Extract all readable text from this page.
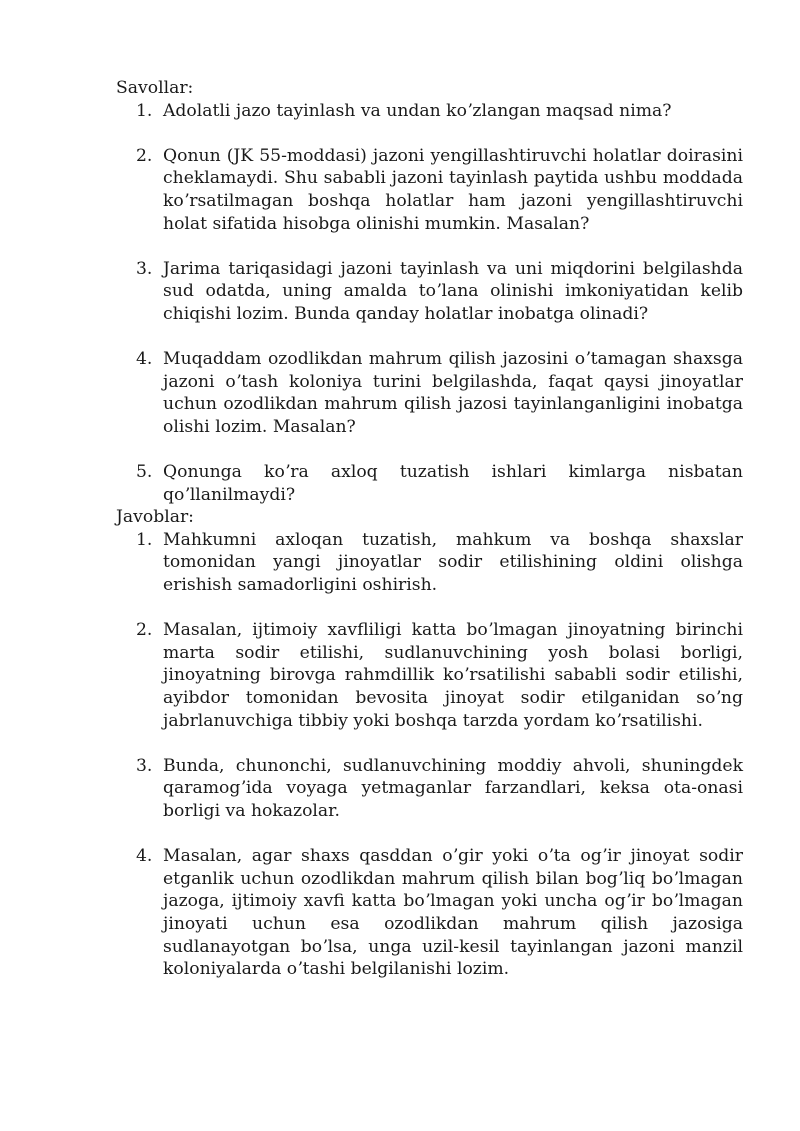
Savollar:

1. Adolatli jazo tayinlash va undan koʼzlangan maqsad nima?
2. Qonun (JK 55-moddasi) jazoni yengillashtiruvchi holatlar doirasini cheklamaydi. Shu sababli jazoni tayinlash paytida ushbu moddada koʼrsatilmagan boshqa holatlar ham jazoni yengillashtiruvchi holat sifatida hisobga olinishi mumkin. Masalan?
3. Jarima tariqasidagi jazoni tayinlash va uni miqdorini belgilashda sud odatda, uning amalda toʼlana olinishi imkoniyatidan kelib chiqishi lozim. Bunda qanday holatlar inobatga olinadi?
4. Muqaddam ozodlikdan mahrum qilish jazosini oʼtamagan shaxsga jazoni oʼtash koloniya turini belgilashda, faqat qaysi jinoyatlar uchun ozodlikdan mahrum qilish jazosi tayinlanganligini inobatga olishi lozim. Masalan?
5. Qonunga koʼra axloq tuzatish ishlari kimlarga nisbatan qoʼllanilmaydi?

Javoblar:

1. Mahkumni axloqan tuzatish, mahkum va boshqa shaxslar tomonidan yangi jinoyatlar sodir etilishining oldini olishga erishish samadorligini oshirish.
2. Masalan, ijtimoiy xavfliligi katta boʼlmagan jinoyatning birinchi marta sodir etilishi, sudlanuvchining yosh bolasi borligi, jinoyatning birovga rahmdillik koʼrsatilishi sababli sodir etilishi, ayibdor tomonidan bevosita jinoyat sodir etilganidan soʼng jabrlanuvchiga tibbiy yoki boshqa tarzda yordam koʼrsatilishi.
3. Bunda, chunonchi, sudlanuvchining moddiy ahvoli, shuningdek qaramogʼida voyaga yetmaganlar farzandlari, keksa ota-onasi borligi va hokazolar.
4. Masalan, agar shaxs qasddan oʼgir yoki oʼta ogʼir jinoyat sodir etganlik uchun ozodlikdan mahrum qilish bilan bogʼliq boʼlmagan jazoga, ijtimoiy xavfi katta boʼlmagan yoki uncha ogʼir boʼlmagan jinoyati uchun esa ozodlikdan mahrum qilish jazosiga sudlanayotgan boʼlsa, unga uzil-kesil tayinlangan jazoni manzil koloniyalarda oʼtashi belgilanishi lozim.
